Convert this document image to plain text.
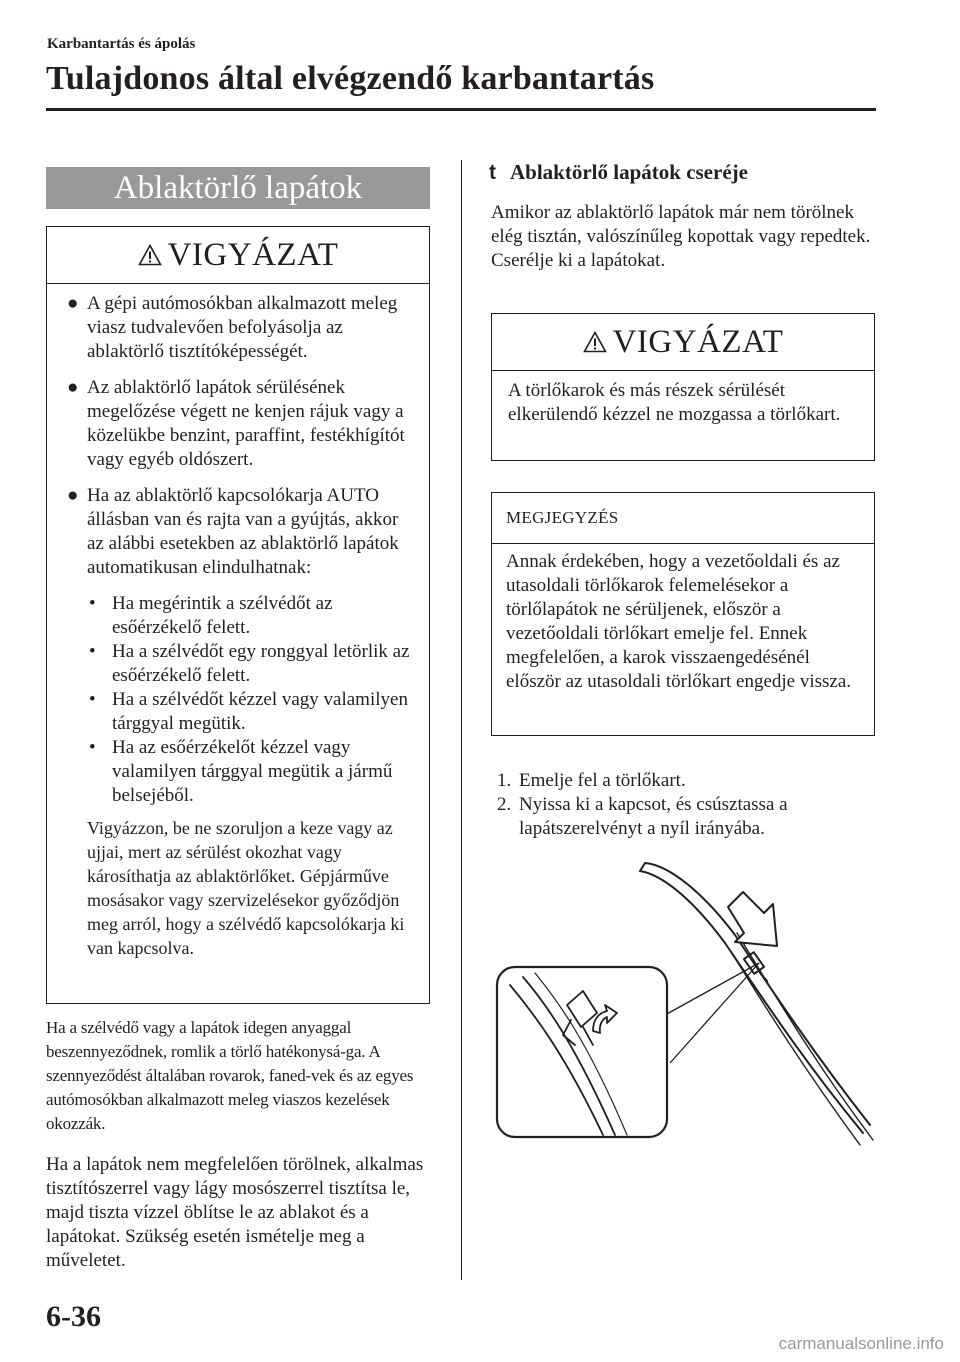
Karbantartás és ápolás
Tulajdonos által elvégzendő karbantartás
Ablaktörlő lapátok
VIGYÁZAT
● A gépi autómosókban alkalmazott meleg viasz tudvalevően befolyásolja az ablaktörlő tisztítóképességét.
● Az ablaktörlő lapátok sérülésének megelőzése végett ne kenjen rájuk vagy a közelükbe benzint, paraffint, festékhígítót vagy egyéb oldószert.
● Ha az ablaktörlő kapcsolókarja AUTO állásban van és rajta van a gyújtás, akkor az alábbi esetekben az ablaktörlő lapátok automatikusan elindulhatnak:
• Ha megérintik a szélvédőt az esőérzékelő felett.
• Ha a szélvédőt egy ronggyal letörlik az esőérzékelő felett.
• Ha a szélvédőt kézzel vagy valamilyen tárggyal megütik.
• Ha az esőérzékelőt kézzel vagy valamilyen tárggyal megütik a jármű belsejéből.
Vigyázzon, be ne szoruljon a keze vagy az ujjai, mert az sérülést okozhat vagy károsíthatja az ablaktörlőket. Gépjárműve mosásakor vagy szervizelésekor győződjön meg arról, hogy a szélvédő kapcsolókarja ki van kapcsolva.
Ha a szélvédő vagy a lapátok idegen anyaggal beszennyeződnek, romlik a törlő hatékonysá-ga. A szennyeződést általában rovarok, faned-vek és az egyes autómosókban alkalmazott meleg viaszos kezelések okozzák.
Ha a lapátok nem megfelelően törölnek, alkalmas tisztítószerrel vagy lágy mosószerrel tisztítsa le, majd tiszta vízzel öblítse le az ablakot és a lapátokat. Szükség esetén ismételje meg a műveletet.
t Ablaktörlő lapátok cseréje
Amikor az ablaktörlő lapátok már nem törölnek elég tisztán, valószínűleg kopottak vagy repedtek. Cserélje ki a lapátokat.
VIGYÁZAT
A törlőkarok és más részek sérülését elkerülendő kézzel ne mozgassa a törlőkart.
MEGJEGYZÉS
Annak érdekében, hogy a vezetőoldali és az utasoldali törlőkarok felemelésekor a törlőlapátok ne sérüljenek, először a vezetőoldali törlőkart emelje fel. Ennek megfelelően, a karok visszaengedésénél először az utasoldali törlőkart engedje vissza.
1. Emelje fel a törlőkart.
2. Nyissa ki a kapcsot, és csúsztassa a lapátszerelvényt a nyíl irányába.
6-36
carmanualsonline.info
